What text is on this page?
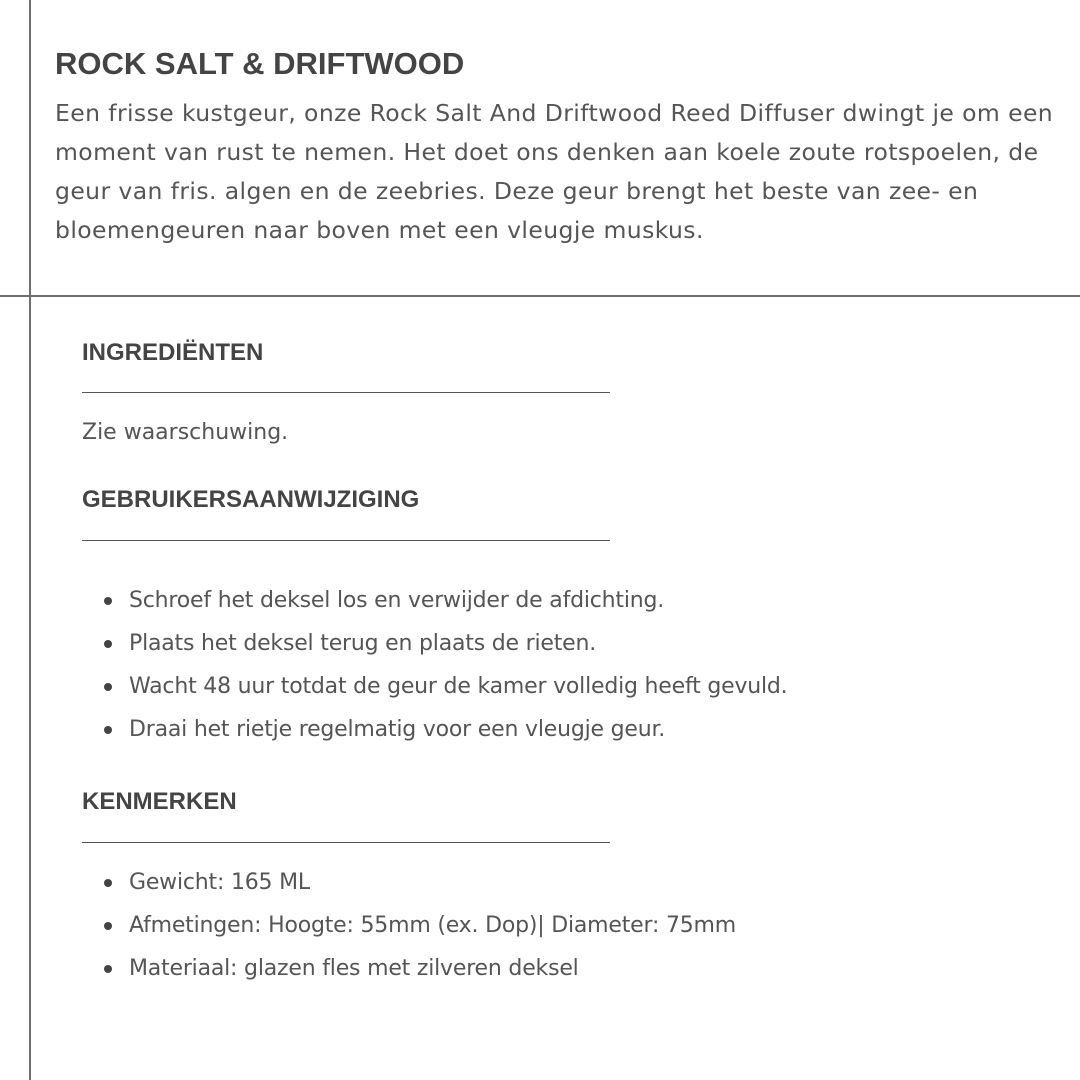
ROCK SALT & DRIFTWOOD

Een frisse kustgeur, onze Rock Salt And Driftwood Reed Diffuser dwingt je om een moment van rust te nemen. Het doet ons denken aan koele zoute rotspoelen, de geur van fris. algen en de zeebries. Deze geur brengt het beste van zee- en bloemengeuren naar boven met een vleugje muskus.

INGREDIËNTEN

Zie waarschuwing.

GEBRUIKERSAANWIJZIGING
Schroef het deksel los en verwijder de afdichting.
Plaats het deksel terug en plaats de rieten.
Wacht 48 uur totdat de geur de kamer volledig heeft gevuld.
Draai het rietje regelmatig voor een vleugje geur.
KENMERKEN
Gewicht: 165 ML
Afmetingen: Hoogte: 55mm (ex. Dop)| Diameter: 75mm
Materiaal: glazen fles met zilveren deksel
